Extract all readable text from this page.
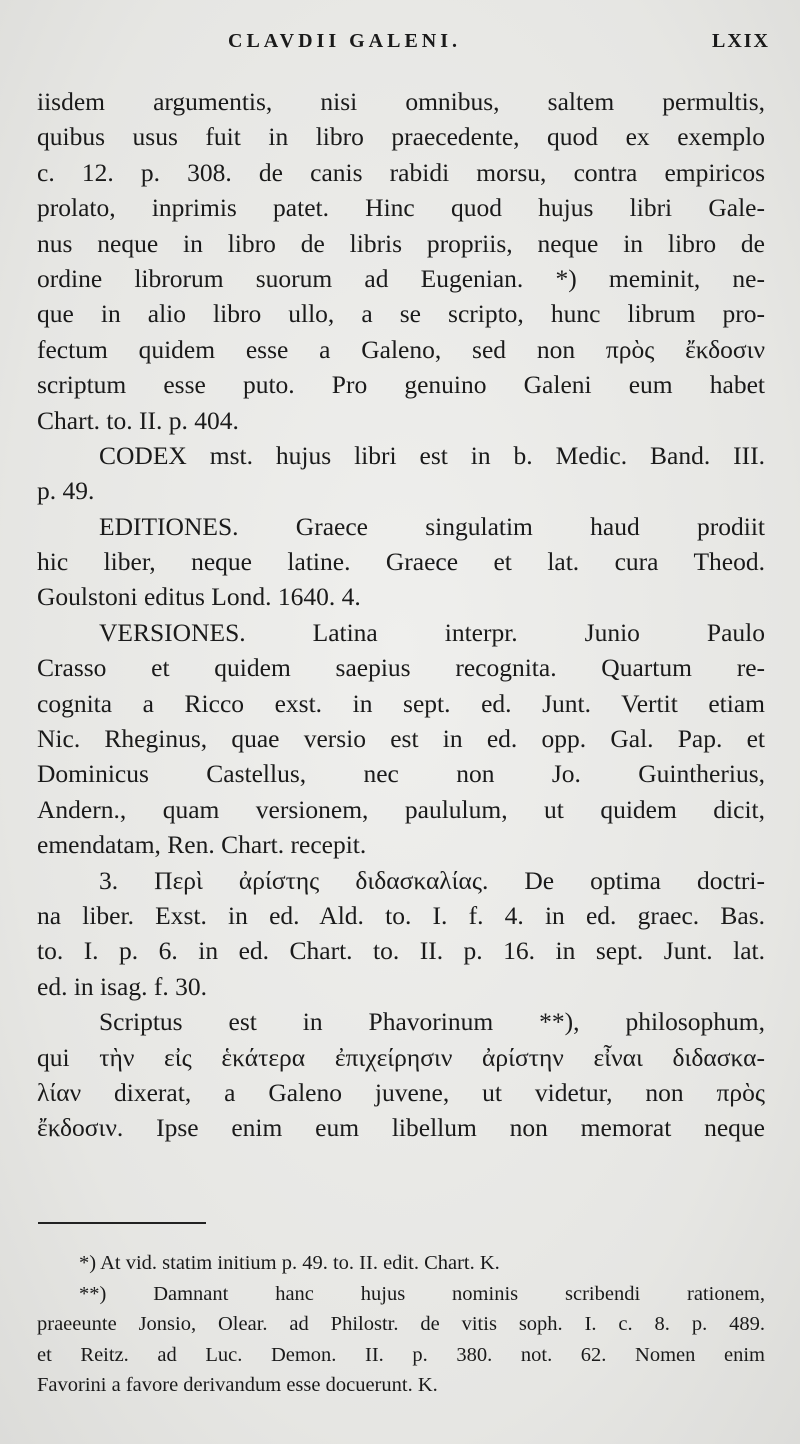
CLAVDII GALENI.	LXIX
iisdem argumentis, nisi omnibus, saltem permultis,
quibus usus fuit in libro praecedente, quod ex exemplo
c. 12. p. 308. de canis rabidi morsu, contra empiricos
prolato, inprimis patet. Hinc quod hujus libri Gale-
nus neque in libro de libris propriis, neque in libro de
ordine librorum suorum ad Eugenian. *) meminit, ne-
que in alio libro ullo, a se scripto, hunc librum pro-
fectum quidem esse a Galeno, sed non πρὸς ἔκδοσιν
scriptum esse puto. Pro genuino Galeni eum habet
Chart. to. II. p. 404.
CODEX mst. hujus libri est in b. Medic. Band. III.
p. 49.
EDITIONES. Graece singulatim haud prodiit
hic liber, neque latine. Graece et lat. cura Theod.
Goulstoni editus Lond. 1640. 4.
VERSIONES. Latina interpr. Junio Paulo
Crasso et quidem saepius recognita. Quartum re-
cognita a Ricco exst. in sept. ed. Junt. Vertit etiam
Nic. Rheginus, quae versio est in ed. opp. Gal. Pap. et
Dominicus Castellus, nec non Jo. Guintherius,
Andern., quam versionem, paululum, ut quidem dicit,
emendatam, Ren. Chart. recepit.
3. Περὶ ἀρίστης διδασκαλίας. De optima doctri-
na liber. Exst. in ed. Ald. to. I. f. 4. in ed. graec. Bas.
to. I. p. 6. in ed. Chart. to. II. p. 16. in sept. Junt. lat.
ed. in isag. f. 30.
Scriptus est in Phavorinum **), philosophum,
qui τὴν εἰς ἑκάτερα ἐπιχείρησιν ἀρίστην εἶναι διδασκα-
λίαν dixerat, a Galeno juvene, ut videtur, non πρὸς
ἔκδοσιν. Ipse enim eum libellum non memorat neque
*) At vid. statim initium p. 49. to. II. edit. Chart. K.
**) Damnant hanc hujus nominis scribendi rationem,
praeeunte Jonsio, Olear. ad Philostr. de vitis soph. I. c. 8. p. 489.
et Reitz. ad Luc. Demon. II. p. 380. not. 62. Nomen enim
Favorini a favore derivandum esse docuerunt. K.
